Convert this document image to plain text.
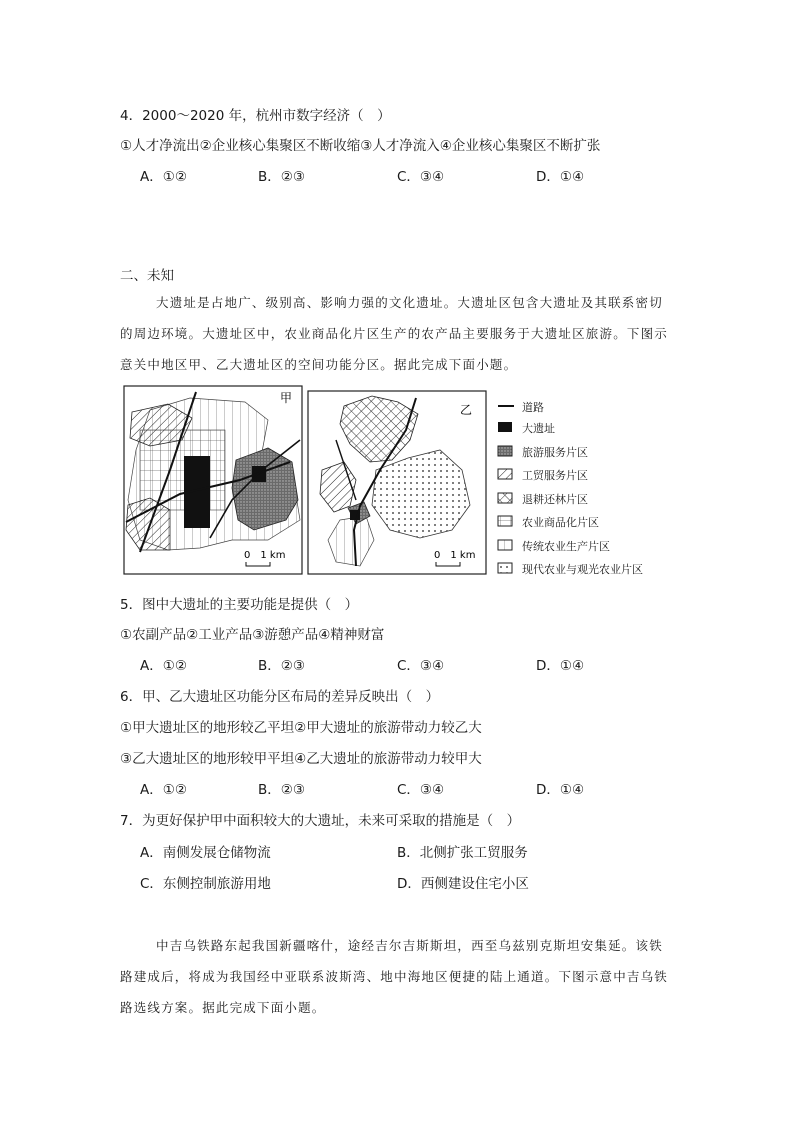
4．2000～2020 年，杭州市数字经济（　）
①人才净流出②企业核心集聚区不断收缩③人才净流入④企业核心集聚区不断扩张
A．①②	B．②③	C．③④	D．①④
二、未知
大遗址是占地广、级别高、影响力强的文化遗址。大遗址区包含大遗址及其联系密切
的周边环境。大遗址区中，农业商品化片区生产的农产品主要服务于大遗址区旅游。下图示
意关中地区甲、乙大遗址区的空间功能分区。据此完成下面小题。
甲
0　1 km
乙
0　1 km
道路
大遗址
旅游服务片区
工贸服务片区
退耕还林片区
农业商品化片区
传统农业生产片区
现代农业与观光农业片区
5．图中大遗址的主要功能是提供（　）
①农副产品②工业产品③游憩产品④精神财富
A．①②	B．②③	C．③④	D．①④
6．甲、乙大遗址区功能分区布局的差异反映出（　）
①甲大遗址区的地形较乙平坦②甲大遗址的旅游带动力较乙大
③乙大遗址区的地形较甲平坦④乙大遗址的旅游带动力较甲大
A．①②	B．②③	C．③④	D．①④
7．为更好保护甲中面积较大的大遗址，未来可采取的措施是（　）
A．南侧发展仓储物流	B．北侧扩张工贸服务
C．东侧控制旅游用地	D．西侧建设住宅小区
中吉乌铁路东起我国新疆喀什，途经吉尔吉斯斯坦，西至乌兹别克斯坦安集延。该铁
路建成后，将成为我国经中亚联系波斯湾、地中海地区便捷的陆上通道。下图示意中吉乌铁
路选线方案。据此完成下面小题。
